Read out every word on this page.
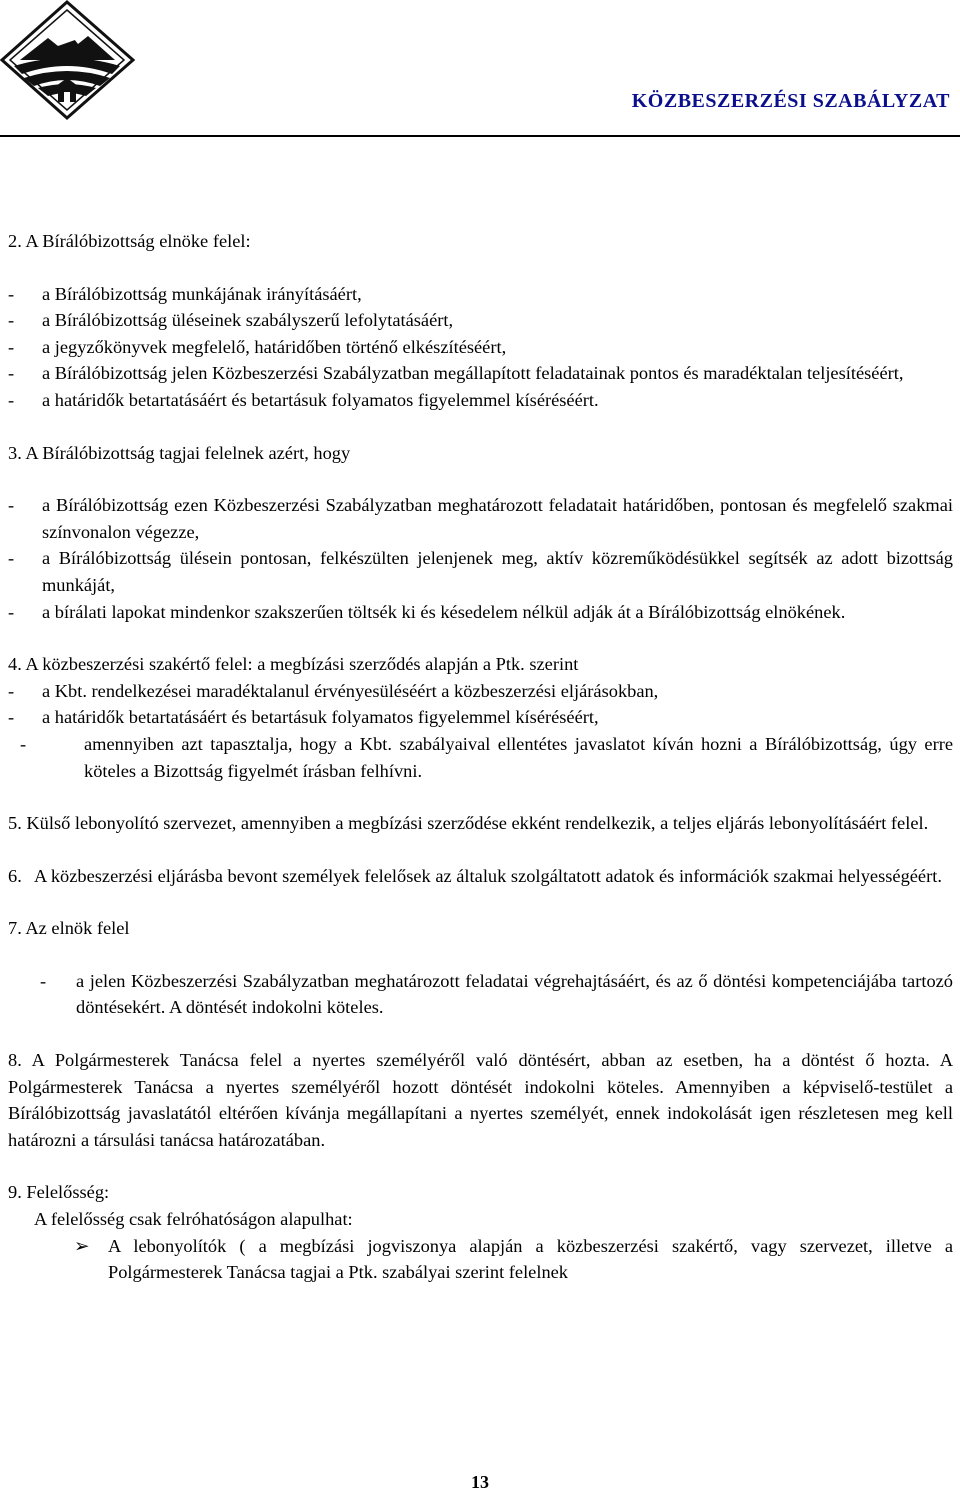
KÖZBESZERZÉSI SZABÁLYZAT

2. A Bírálóbizottság elnöke felel:

-	a Bírálóbizottság munkájának irányításáért,
-	a Bírálóbizottság üléseinek szabályszerű lefolytatásáért,
-	a jegyzőkönyvek megfelelő, határidőben történő elkészítéséért,
-	a Bírálóbizottság jelen Közbeszerzési Szabályzatban megállapított feladatainak pontos és maradéktalan teljesítéséért,
-	a határidők betartatásáért és betartásuk folyamatos figyelemmel kíséréséért.

3. A Bírálóbizottság tagjai felelnek azért, hogy

-	a Bírálóbizottság ezen Közbeszerzési Szabályzatban meghatározott feladatait határidőben, pontosan és megfelelő szakmai színvonalon végezze,
-	a Bírálóbizottság ülésein pontosan, felkészülten jelenjenek meg, aktív közreműködésükkel segítsék az adott bizottság munkáját,
-	a bírálati lapokat mindenkor szakszerűen töltsék ki és késedelem nélkül adják át a Bírálóbizottság elnökének.

4. A közbeszerzési szakértő felel: a megbízási szerződés alapján a Ptk. szerint

-	a Kbt. rendelkezései maradéktalanul érvényesüléséért a közbeszerzési eljárásokban,
-	a határidők betartatásáért és betartásuk folyamatos figyelemmel kíséréséért,
-	amennyiben azt tapasztalja, hogy a Kbt. szabályaival ellentétes javaslatot kíván hozni a Bírálóbizottság, úgy erre köteles a Bizottság figyelmét írásban felhívni.

5. Külső lebonyolító szervezet, amennyiben a megbízási szerződése ekként rendelkezik, a teljes eljárás lebonyolításáért felel.

6. A közbeszerzési eljárásba bevont személyek felelősek az általuk szolgáltatott adatok és információk szakmai helyességéért.

7. Az elnök felel

-	a jelen Közbeszerzési Szabályzatban meghatározott feladatai végrehajtásáért, és az ő döntési kompetenciájába tartozó döntésekért. A döntését indokolni köteles.

8. A Polgármesterek Tanácsa felel a nyertes személyéről való döntésért, abban az esetben, ha a döntést ő hozta. A Polgármesterek Tanácsa a nyertes személyéről hozott döntését indokolni köteles. Amennyiben a képviselő-testület a Bírálóbizottság javaslatától eltérően kívánja megállapítani a nyertes személyét, ennek indokolását igen részletesen meg kell határozni a társulási tanácsa határozatában.

9. Felelősség:

A felelősség csak felróhatóságon alapulhat:

➢	A lebonyolítók ( a megbízási jogviszonya alapján a közbeszerzési szakértő, vagy szervezet, illetve a Polgármesterek Tanácsa tagjai a Ptk. szabályai szerint felelnek
13
